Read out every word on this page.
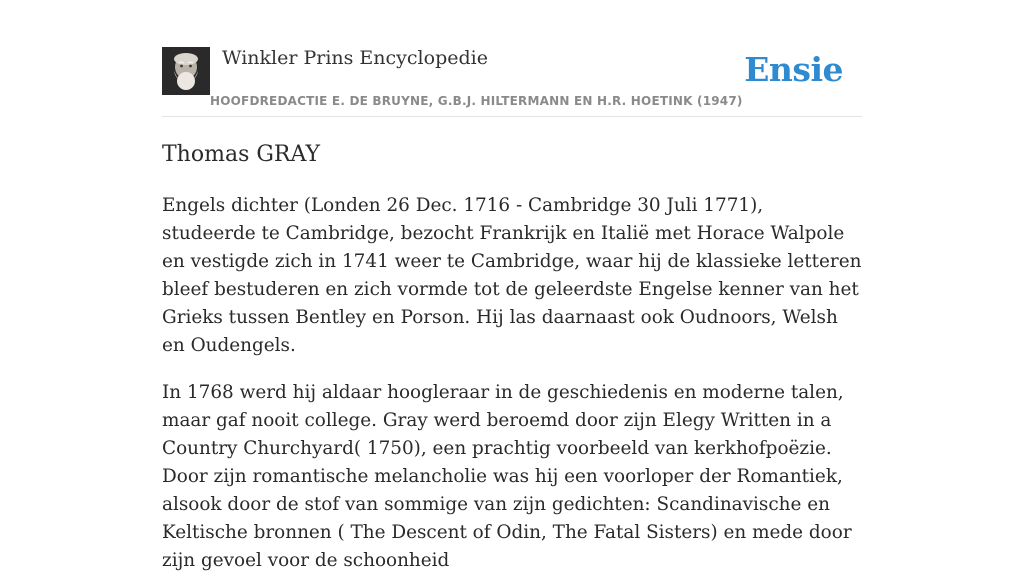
Winkler Prins Encyclopedie
HOOFDREDACTIE E. DE BRUYNE, G.B.J. HILTERMANN EN H.R. HOETINK (1947)
Ensie
Thomas GRAY

Engels dichter (Londen 26 Dec. 1716 - Cambridge 30 Juli 1771), studeerde te Cambridge, bezocht Frankrijk en Italië met Horace Walpole en vestigde zich in 1741 weer te Cambridge, waar hij de klassieke letteren bleef bestuderen en zich vormde tot de geleerdste Engelse kenner van het Grieks tussen Bentley en Porson. Hij las daarnaast ook Oudnoors, Welsh en Oudengels.

In 1768 werd hij aldaar hoogleraar in de geschiedenis en moderne talen, maar gaf nooit college. Gray werd beroemd door zijn Elegy Written in a Country Churchyard( 1750), een prachtig voorbeeld van kerkhofpoëzie. Door zijn romantische melancholie was hij een voorloper der Romantiek, alsook door de stof van sommige van zijn gedichten: Scandinavische en Keltische bronnen ( The Descent of Odin, The Fatal Sisters) en mede door zijn gevoel voor de schoonheid
